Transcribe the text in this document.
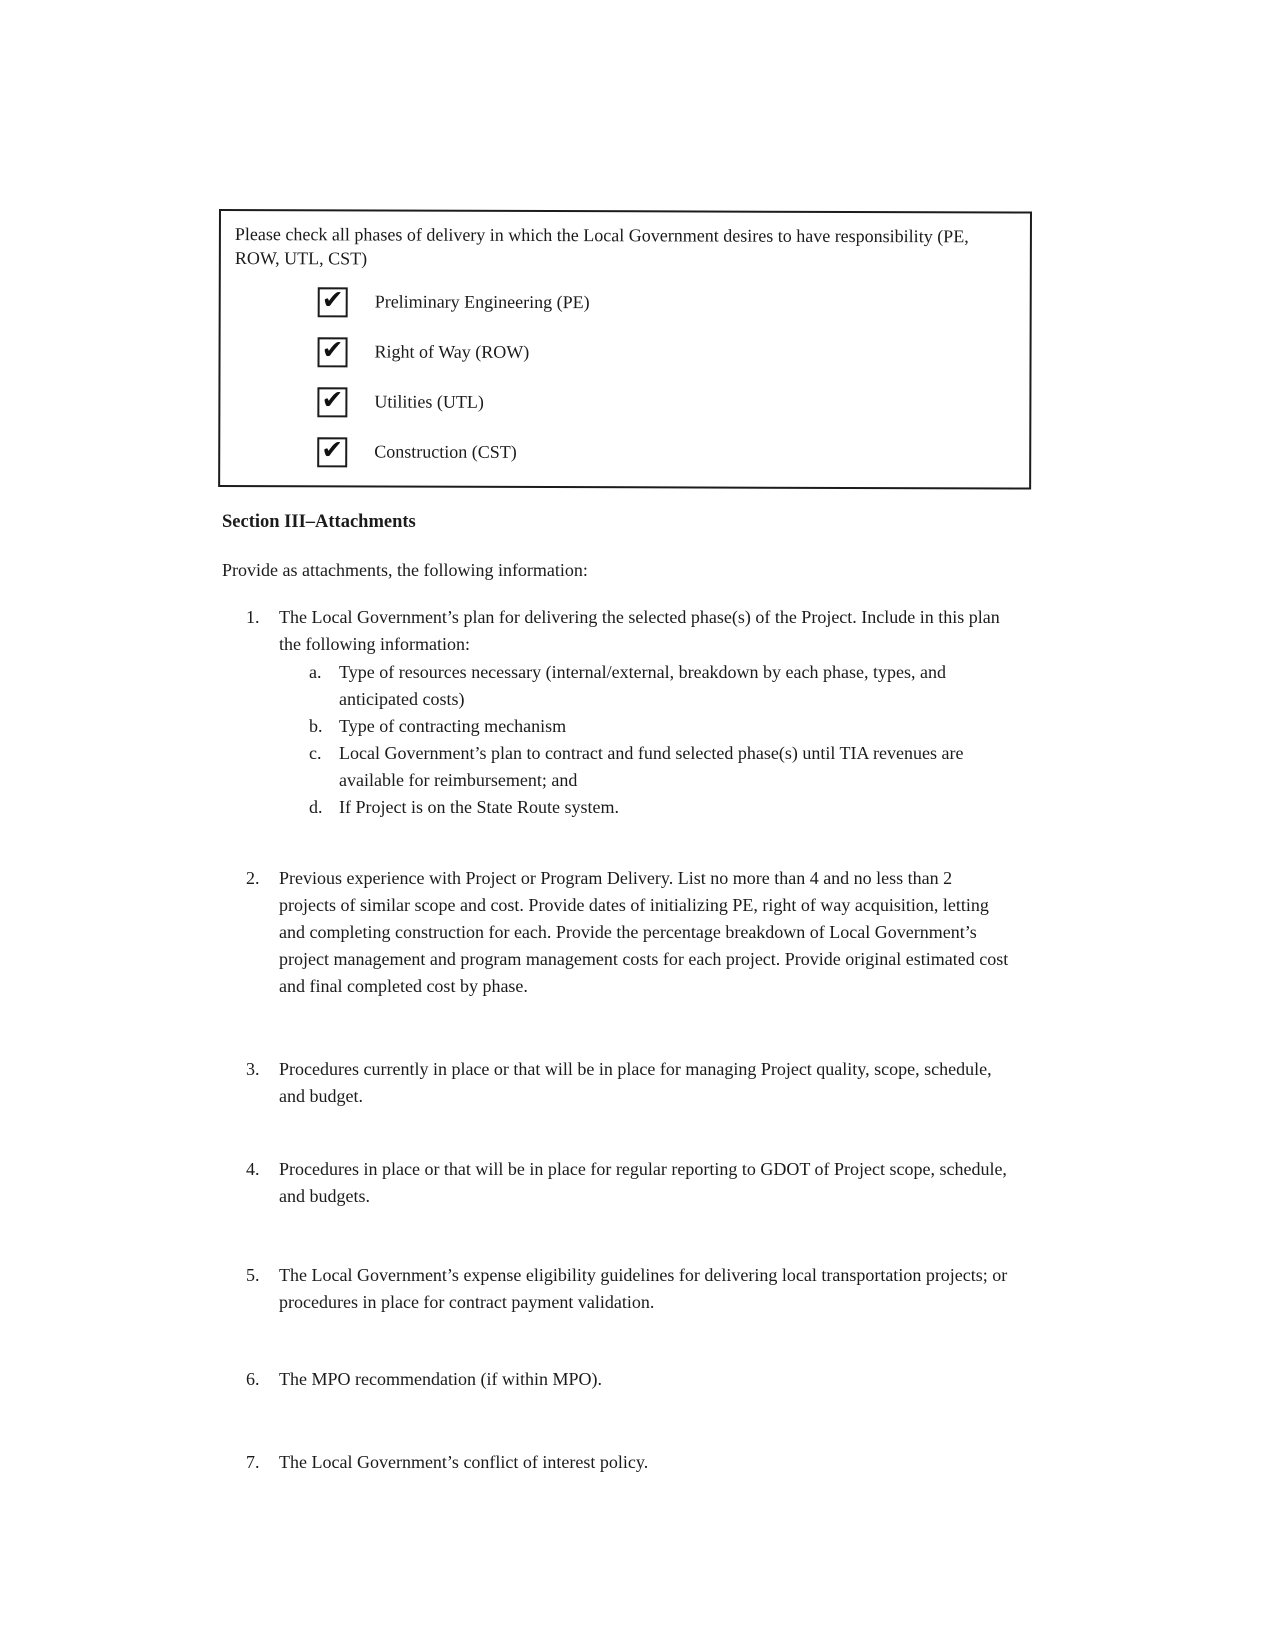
Please check all phases of delivery in which the Local Government desires to have responsibility (PE, ROW, UTL, CST)

✔ Preliminary Engineering (PE)
✔ Right of Way (ROW)
✔ Utilities (UTL)
✔ Construction (CST)
Section III–Attachments

Provide as attachments, the following information:

1.	The Local Government’s plan for delivering the selected phase(s) of the Project. Include in this plan the following information:

a. Type of resources necessary (internal/external, breakdown by each phase, types, and anticipated costs)

b. Type of contracting mechanism

c. Local Government’s plan to contract and fund selected phase(s) until TIA revenues are available for reimbursement; and

d. If Project is on the State Route system.

2.	Previous experience with Project or Program Delivery. List no more than 4 and no less than 2 projects of similar scope and cost. Provide dates of initializing PE, right of way acquisition, letting and completing construction for each. Provide the percentage breakdown of Local Government’s project management and program management costs for each project. Provide original estimated cost and final completed cost by phase.

3.	Procedures currently in place or that will be in place for managing Project quality, scope, schedule, and budget.

4.	Procedures in place or that will be in place for regular reporting to GDOT of Project scope, schedule, and budgets.

5.	The Local Government’s expense eligibility guidelines for delivering local transportation projects; or procedures in place for contract payment validation.

6.	The MPO recommendation (if within MPO).

7.	The Local Government’s conflict of interest policy.
